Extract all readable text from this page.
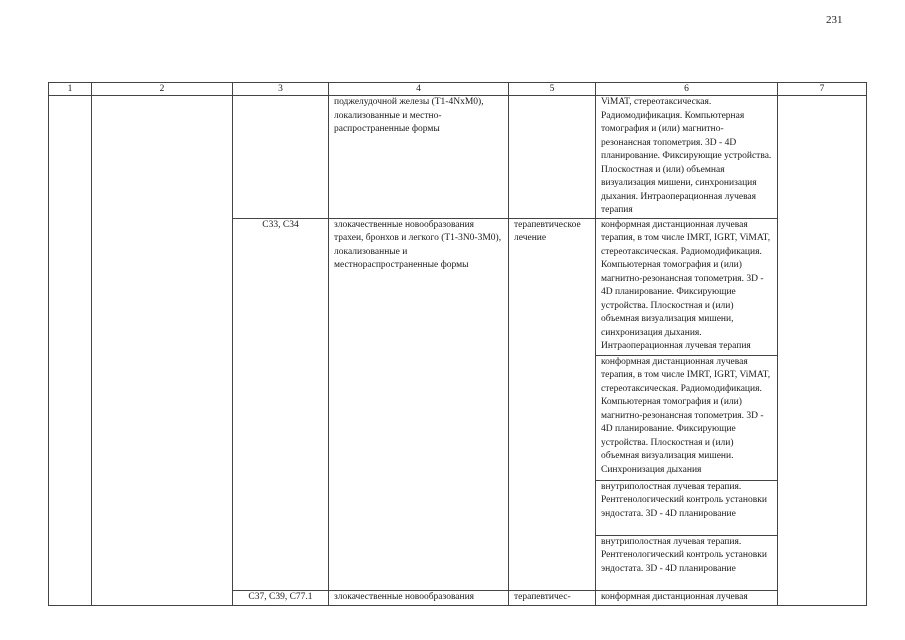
231
1	2	3	4	5	6	7
			поджелудочной железы (T1-4NxM0), локализованные и местно-распространенные формы		ViMAT, стереотаксическая. Радиомодификация. Компьютерная томография и (или) магнитно-резонансная топометрия. 3D - 4D планирование. Фиксирующие устройства. Плоскостная и (или) объемная визуализация мишени, синхронизация дыхания. Интраоперационная лучевая терапия	
		С33, С34	злокачественные новообразования трахеи, бронхов и легкого (T1-3N0-3M0), локализованные и местнораспространенные формы	терапевтическое лечение	конформная дистанционная лучевая терапия, в том числе IMRT, IGRT, ViMAT, стереотаксическая. Радиомодификация. Компьютерная томография и (или) магнитно-резонансная топометрия. 3D - 4D планирование. Фиксирующие устройства. Плоскостная и (или) объемная визуализация мишени, синхронизация дыхания. Интраоперационная лучевая терапия	
					конформная дистанционная лучевая терапия, в том числе IMRT, IGRT, ViMAT, стереотаксическая. Радиомодификация. Компьютерная томография и (или) магнитно-резонансная топометрия. 3D - 4D планирование. Фиксирующие устройства. Плоскостная и (или) объемная визуализация мишени. Синхронизация дыхания	
					внутриполостная лучевая терапия. Рентгенологический контроль установки эндостата. 3D - 4D планирование	
					внутриполостная лучевая терапия. Рентгенологический контроль установки эндостата. 3D - 4D планирование	
		С37, С39, С77.1	злокачественные новообразования	терапевтичес-	конформная дистанционная лучевая	
